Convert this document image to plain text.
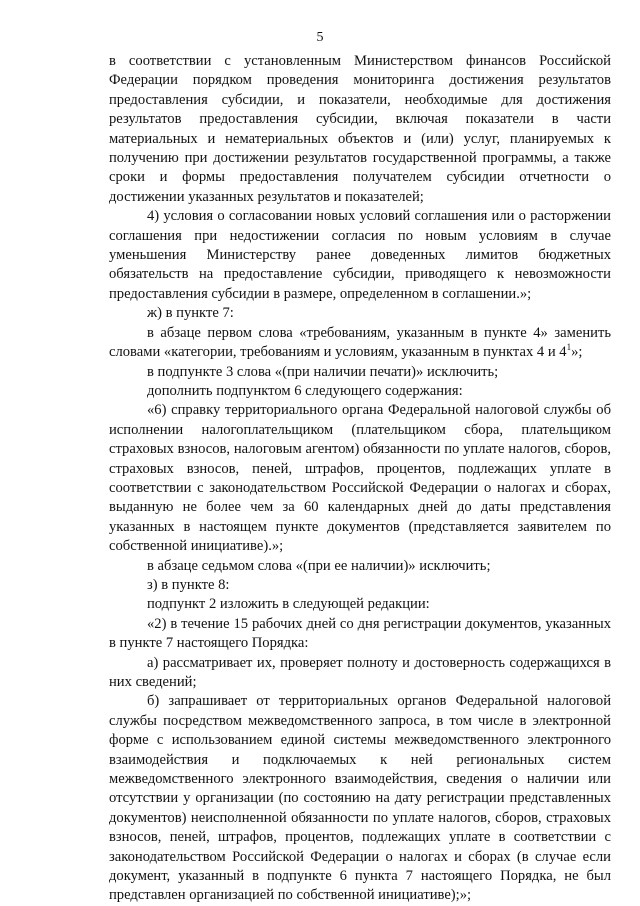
5

в соответствии с установленным Министерством финансов Российской Федерации порядком проведения мониторинга достижения результатов предоставления субсидии, и показатели, необходимые для достижения результатов предоставления субсидии, включая показатели в части материальных и нематериальных объектов и (или) услуг, планируемых к получению при достижении результатов государственной программы, а также сроки и формы предоставления получателем субсидии отчетности о достижении указанных результатов и показателей;

4) условия о согласовании новых условий соглашения или о расторжении соглашения при недостижении согласия по новым условиям в случае уменьшения Министерству ранее доведенных лимитов бюджетных обязательств на предоставление субсидии, приводящего к невозможности предоставления субсидии в размере, определенном в соглашении.»;

ж) в пункте 7:

в абзаце первом слова «требованиям, указанным в пункте 4» заменить словами «категории, требованиям и условиям, указанным в пунктах 4 и $4^1$»;

в подпункте 3 слова «(при наличии печати)» исключить;

дополнить подпунктом 6 следующего содержания:

«6) справку территориального органа Федеральной налоговой службы об исполнении налогоплательщиком (плательщиком сбора, плательщиком страховых взносов, налоговым агентом) обязанности по уплате налогов, сборов, страховых взносов, пеней, штрафов, процентов, подлежащих уплате в соответствии с законодательством Российской Федерации о налогах и сборах, выданную не более чем за 60 календарных дней до даты представления указанных в настоящем пункте документов (представляется заявителем по собственной инициативе).»;

в абзаце седьмом слова «(при ее наличии)» исключить;

з) в пункте 8:

подпункт 2 изложить в следующей редакции:

«2) в течение 15 рабочих дней со дня регистрации документов, указанных в пункте 7 настоящего Порядка:

а) рассматривает их, проверяет полноту и достоверность содержащихся в них сведений;

б) запрашивает от территориальных органов Федеральной налоговой службы посредством межведомственного запроса, в том числе в электронной форме с использованием единой системы межведомственного электронного взаимодействия и подключаемых к ней региональных систем межведомственного электронного взаимодействия, сведения о наличии или отсутствии у организации (по состоянию на дату регистрации представленных документов) неисполненной обязанности по уплате налогов, сборов, страховых взносов, пеней, штрафов, процентов, подлежащих уплате в соответствии с законодательством Российской Федерации о налогах и сборах (в случае если документ, указанный в подпункте 6 пункта 7 настоящего Порядка, не был представлен организацией по собственной инициативе);»;
